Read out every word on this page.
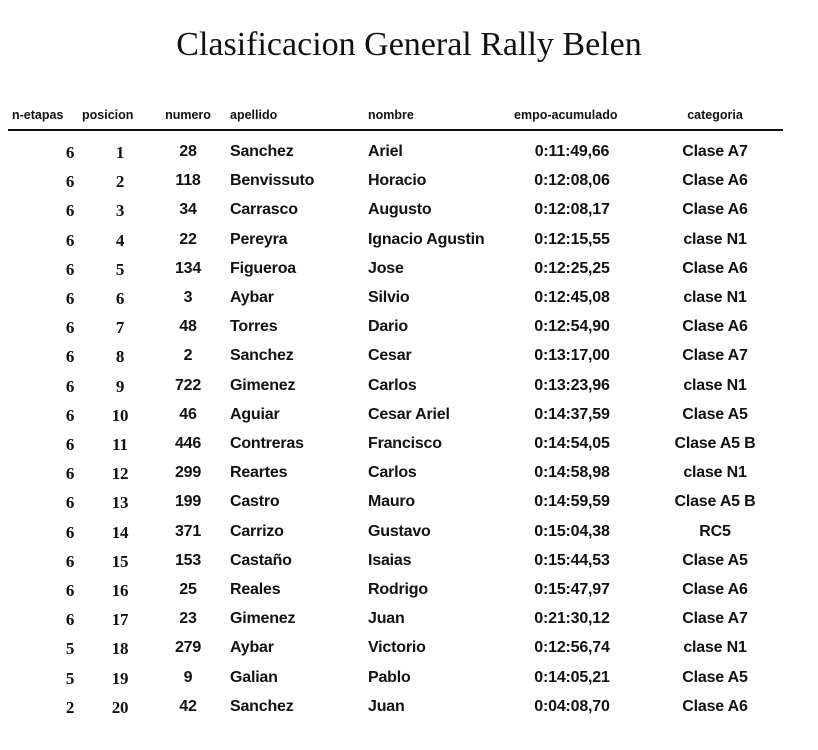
Clasificacion General Rally Belen
n-etapas	posicion	numero	apellido	nombre	empo-acumulado	categoria
6	1	28	Sanchez	Ariel	0:11:49,66	Clase A7
6	2	118	Benvissuto	Horacio	0:12:08,06	Clase A6
6	3	34	Carrasco	Augusto	0:12:08,17	Clase A6
6	4	22	Pereyra	Ignacio Agustin	0:12:15,55	clase N1
6	5	134	Figueroa	Jose	0:12:25,25	Clase A6
6	6	3	Aybar	Silvio	0:12:45,08	clase N1
6	7	48	Torres	Dario	0:12:54,90	Clase A6
6	8	2	Sanchez	Cesar	0:13:17,00	Clase A7
6	9	722	Gimenez	Carlos	0:13:23,96	clase N1
6	10	46	Aguiar	Cesar Ariel	0:14:37,59	Clase A5
6	11	446	Contreras	Francisco	0:14:54,05	Clase A5 B
6	12	299	Reartes	Carlos	0:14:58,98	clase N1
6	13	199	Castro	Mauro	0:14:59,59	Clase A5 B
6	14	371	Carrizo	Gustavo	0:15:04,38	RC5
6	15	153	Castaño	Isaias	0:15:44,53	Clase A5
6	16	25	Reales	Rodrigo	0:15:47,97	Clase A6
6	17	23	Gimenez	Juan	0:21:30,12	Clase A7
5	18	279	Aybar	Victorio	0:12:56,74	clase N1
5	19	9	Galian	Pablo	0:14:05,21	Clase A5
2	20	42	Sanchez	Juan	0:04:08,70	Clase A6
